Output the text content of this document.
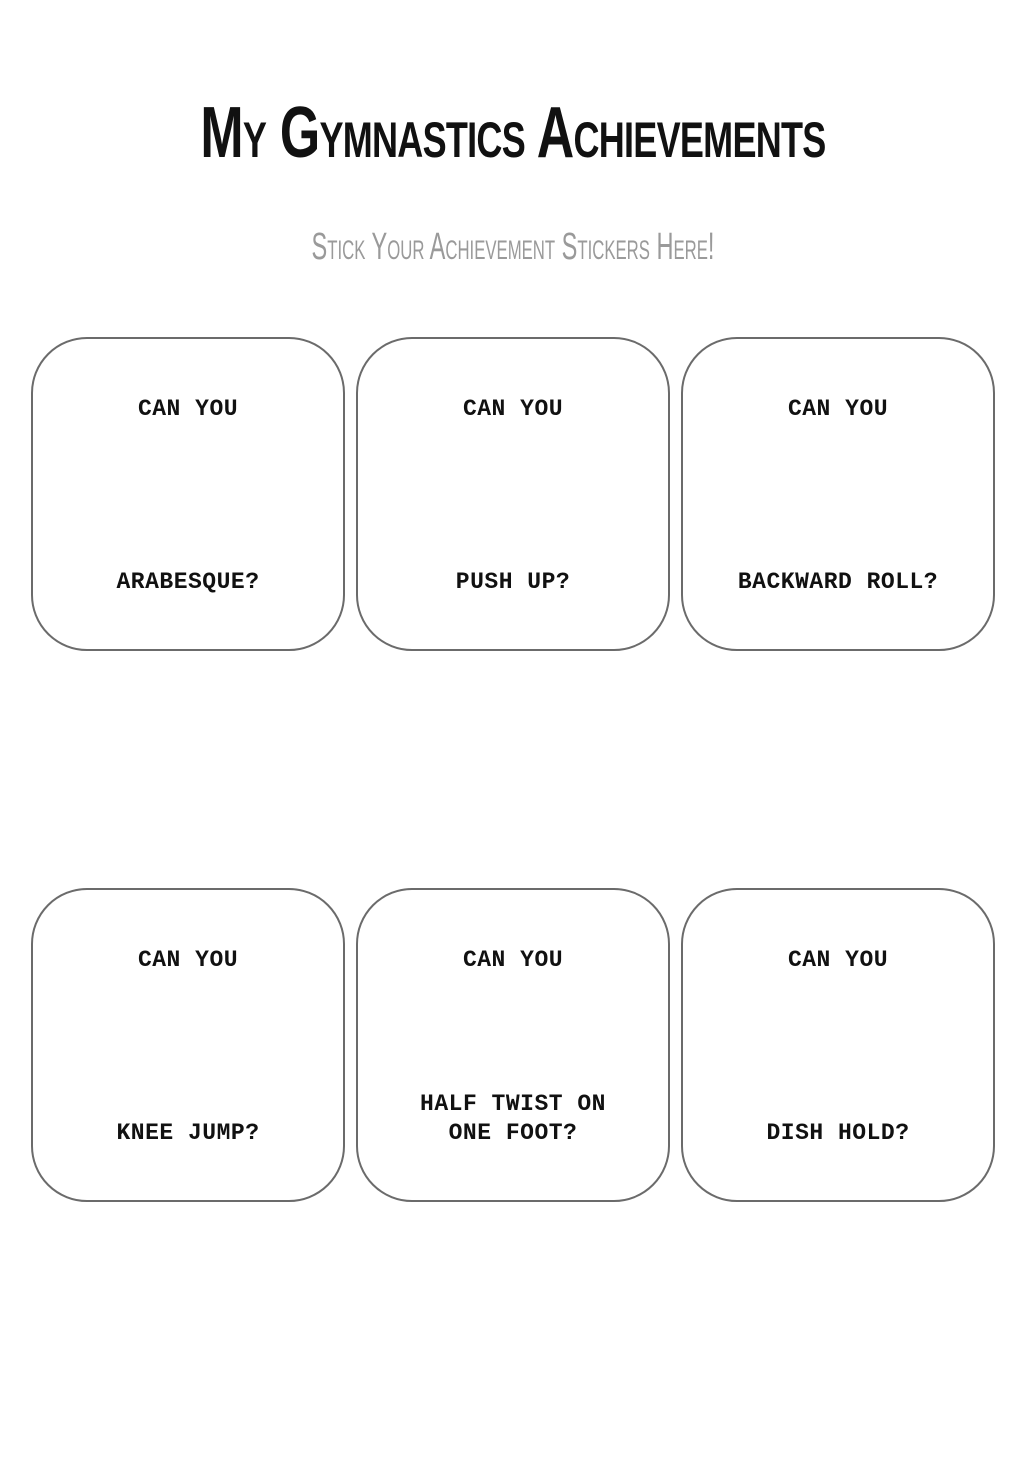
My Gymnastics Achievements
Stick Your Achievement Stickers Here!
CAN YOU
ARABESQUE?
CAN YOU
PUSH UP?
CAN YOU
BACKWARD ROLL?
CAN YOU
KNEE JUMP?
CAN YOU
HALF TWIST ON
ONE FOOT?
CAN YOU
DISH HOLD?
